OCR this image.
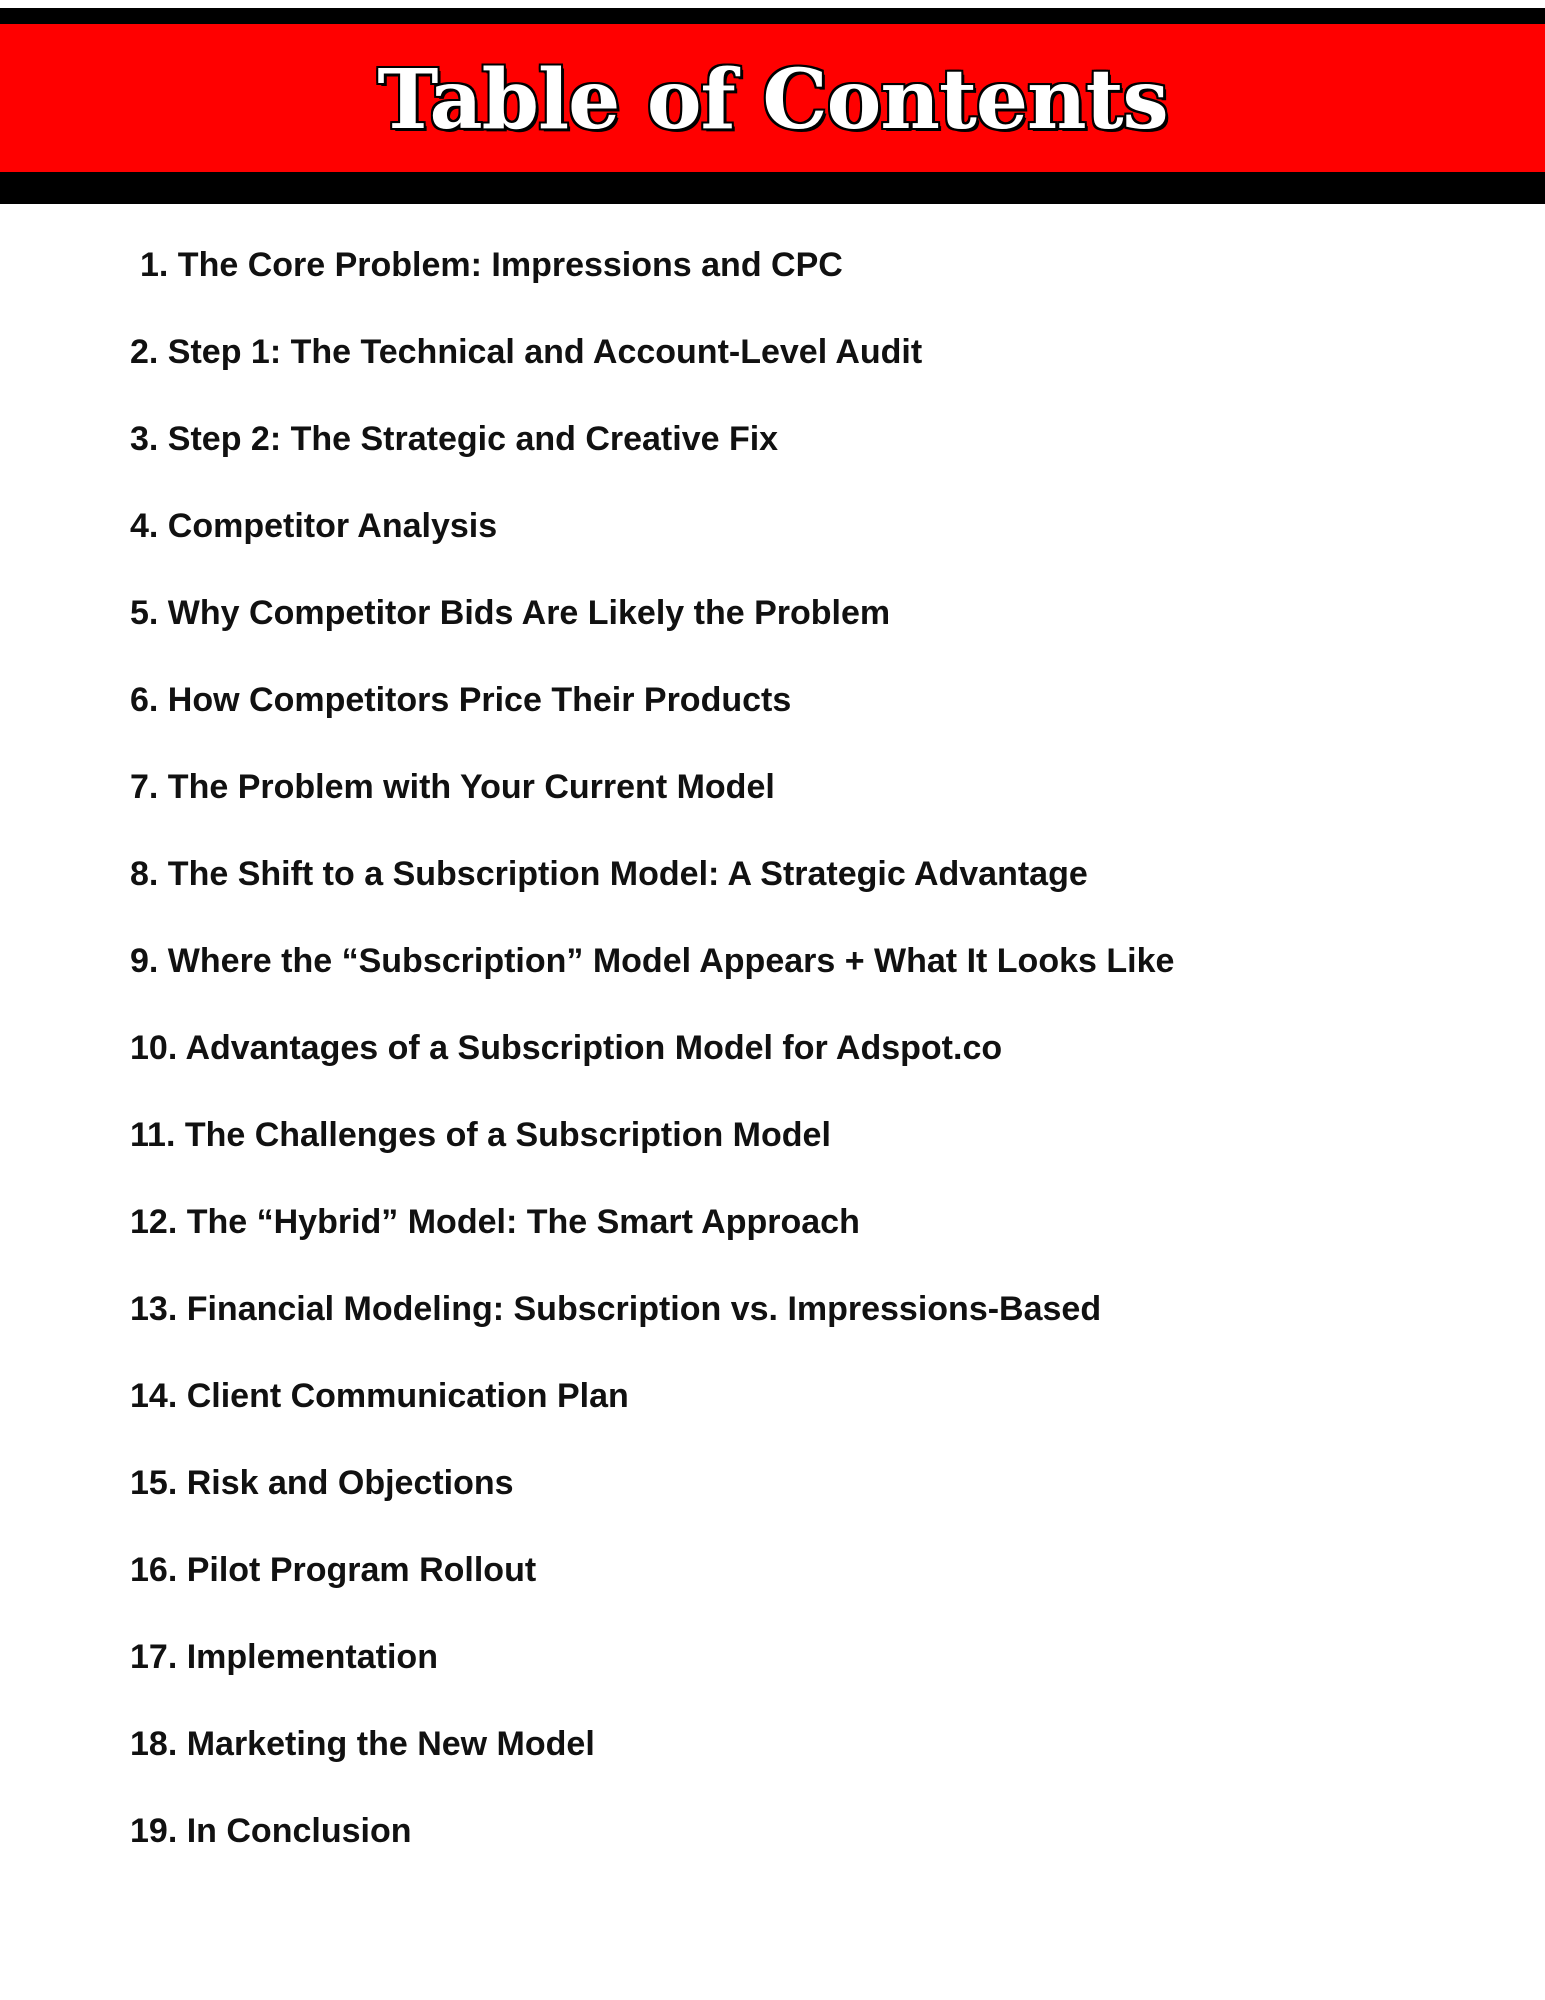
Table of Contents
1. The Core Problem: Impressions and CPC
2. Step 1: The Technical and Account-Level Audit
3. Step 2: The Strategic and Creative Fix
4. Competitor Analysis
5. Why Competitor Bids Are Likely the Problem
6. How Competitors Price Their Products
7. The Problem with Your Current Model
8. The Shift to a Subscription Model: A Strategic Advantage
9. Where the “Subscription” Model Appears + What It Looks Like
10. Advantages of a Subscription Model for Adspot.co
11. The Challenges of a Subscription Model
12. The “Hybrid” Model: The Smart Approach
13. Financial Modeling: Subscription vs. Impressions-Based
14. Client Communication Plan
15. Risk and Objections
16. Pilot Program Rollout
17. Implementation
18. Marketing the New Model
19. In Conclusion
